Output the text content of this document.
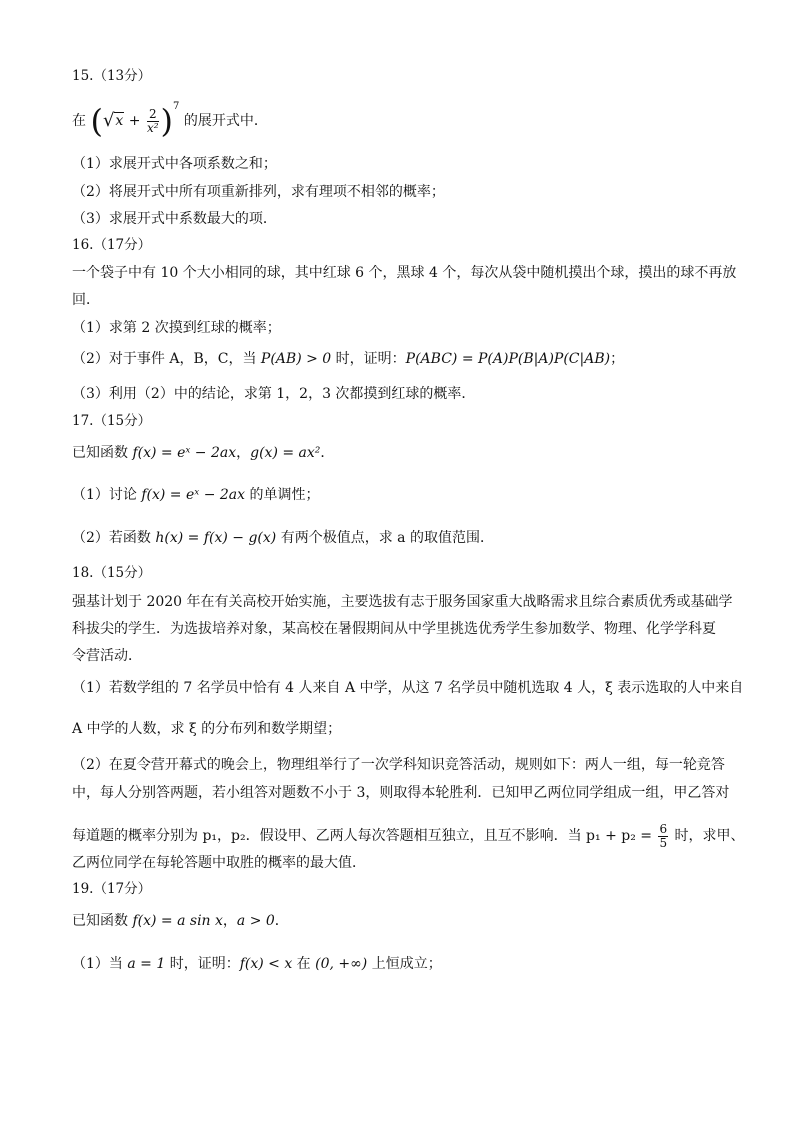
15.（13分）
在 $(√x + \frac{2}{\text{x²}} )^7$ 的展开式中．
（1）求展开式中各项系数之和；
（2）将展开式中所有项重新排列，求有理项不相邻的概率；
（3）求展开式中系数最大的项．
16.（17分）
一个袋子中有 10 个大小相同的球，其中红球 6 个，黑球 4 个，每次从袋中随机摸出个球，摸出的球不再放
回．
（1）求第 2 次摸到红球的概率；
（2）对于事件 A，B，C，当 P(AB) > 0 时，证明：P(ABC) = P(A)P(B|A)P(C|AB)；
（3）利用（2）中的结论，求第 1，2，3 次都摸到红球的概率．
17.（15分）
已知函数 f(x) = eˣ − 2ax，g(x) = ax²．
（1）讨论 f(x) = eˣ − 2ax 的单调性；
（2）若函数 h(x) = f(x) − g(x) 有两个极值点，求 a 的取值范围．
18.（15分）
强基计划于 2020 年在有关高校开始实施，主要选拔有志于服务国家重大战略需求且综合素质优秀或基础学
科拔尖的学生．为选拔培养对象，某高校在暑假期间从中学里挑选优秀学生参加数学、物理、化学学科夏
令营活动．
（1）若数学组的 7 名学员中恰有 4 人来自 A 中学，从这 7 名学员中随机选取 4 人，ξ 表示选取的人中来自
A 中学的人数，求 ξ 的分布列和数学期望；
（2）在夏令营开幕式的晚会上，物理组举行了一次学科知识竞答活动，规则如下：两人一组，每一轮竞答
中，每人分别答两题，若小组答对题数不小于 3，则取得本轮胜利．已知甲乙两位同学组成一组，甲乙答对
每道题的概率分别为 p₁，p₂．假设甲、乙两人每次答题相互独立，且互不影响．当 $p_1 + p_2 = \frac{6}{5}$ 时，求甲、
乙两位同学在每轮答题中取胜的概率的最大值．
19.（17分）
已知函数 f(x) = a sin x，a > 0．
（1）当 a = 1 时，证明：f(x) < x 在 (0, +∞) 上恒成立；
